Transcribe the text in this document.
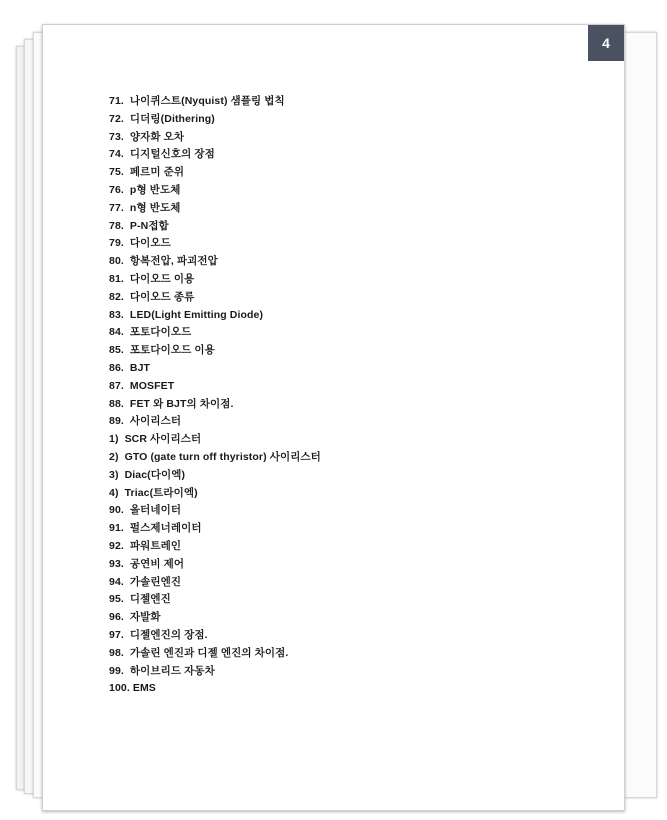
4
71.  나이퀴스트(Nyquist) 샘플링 법칙
72.  디더링(Dithering)
73.  양자화 오차
74.  디지털신호의 장점
75.  페르미 준위
76.  p형 반도체
77.  n형 반도체
78.  P-N접합
79.  다이오드
80.  항복전압, 파괴전압
81.  다이오드 이용
82.  다이오드 종류
83.  LED(Light Emitting Diode)
84.  포토다이오드
85.  포토다이오드 이용
86.  BJT
87.  MOSFET
88.  FET 와 BJT의 차이점.
89.  사이리스터
1)  SCR 사이리스터
2)  GTO (gate turn off thyristor) 사이리스터
3)  Diac(다이엑)
4)  Triac(트라이엑)
90.  올터네이터
91.  펄스제너레이터
92.  파워트레인
93.  공연비 제어
94.  가솔린엔진
95.  디젤엔진
96.  자발화
97.  디젤엔진의 장점.
98.  가솔린 엔진과 디젤 엔진의 차이점.
99.  하이브리드 자동차
100. EMS
